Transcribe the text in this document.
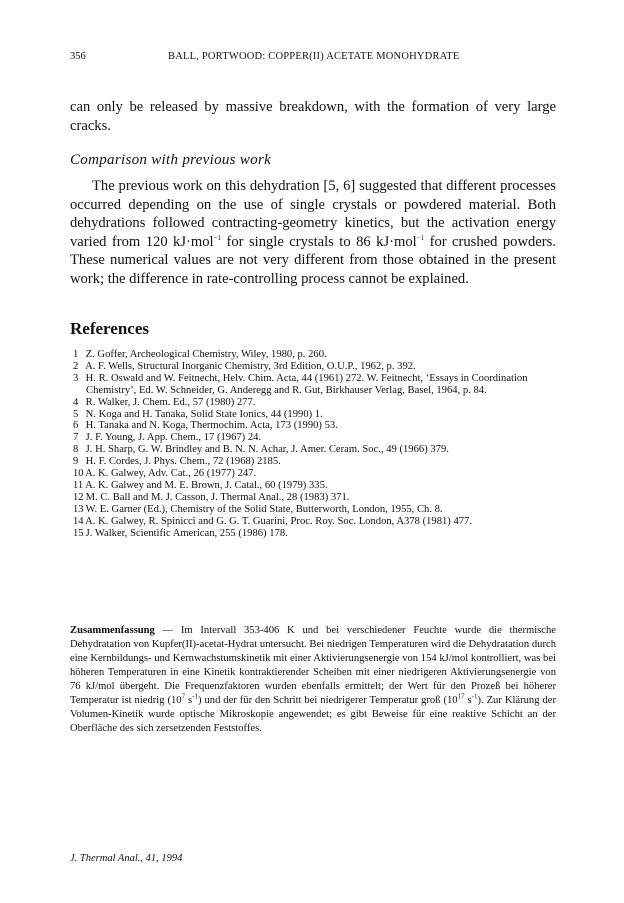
356	BALL, PORTWOOD: COPPER(II) ACETATE MONOHYDRATE

can only be released by massive breakdown, with the formation of very large cracks.

Comparison with previous work

The previous work on this dehydration [5, 6] suggested that different processes occurred depending on the use of single crystals or powdered material. Both dehydrations followed contracting-geometry kinetics, but the activation energy varied from 120 kJ·mol$^{-1}$ for single crystals to 86 kJ·mol$^{-1}$ for crushed powders. These numerical values are not very different from those obtained in the present work; the difference in rate-controlling process cannot be explained.

References
1 Z. Goffer, Archeological Chemistry, Wiley, 1980, p. 260.
2 A. F. Wells, Structural Inorganic Chemistry, 3rd Edition, O.U.P., 1962, p. 392.
3 H. R. Oswald and W. Feitnecht, Helv. Chim. Acta, 44 (1961) 272. W. Feitnecht, ‘Essays in Coordination Chemistry’, Ed. W. Schneider, G. Anderegg and R. Gut, Birkhauser Verlag, Basel, 1964, p. 84.
4 R. Walker, J. Chem. Ed., 57 (1980) 277.
5 N. Koga and H. Tanaka, Solid State Ionics, 44 (1990) 1.
6 H. Tanaka and N. Koga, Thermochim. Acta, 173 (1990) 53.
7 J. F. Young, J. App. Chem., 17 (1967) 24.
8 J. H. Sharp, G. W. Brindley and B. N. N. Achar, J. Amer. Ceram. Soc., 49 (1966) 379.
9 H. F. Cordes, J. Phys. Chem., 72 (1968) 2185.
10 A. K. Galwey, Adv. Cat., 26 (1977) 247.
11 A. K. Galwey and M. E. Brown, J. Catal., 60 (1979) 335.
12 M. C. Ball and M. J. Casson, J. Thermal Anal., 28 (1983) 371.
13 W. E. Garner (Ed.), Chemistry of the Solid State, Butterworth, London, 1955, Ch. 8.
14 A. K. Galwey, R. Spinicci and G. G. T. Guarini, Proc. Roy. Soc. London, A378 (1981) 477.
15 J. Walker, Scientific American, 255 (1986) 178.

Zusammenfassung — Im Intervall 353-406 K und bei verschiedener Feuchte wurde die thermische Dehydratation von Kupfer(II)-acetat-Hydrat untersucht. Bei niedrigen Temperaturen wird die Dehydratation durch eine Kernbildungs- und Kernwachstumskinetik mit einer Aktivierungsenergie von 154 kJ/mol kontrolliert, was bei höheren Temperaturen in eine Kinetik kontraktierender Scheiben mit einer niedrigeren Aktivierungsenergie von 76 kJ/mol übergeht. Die Frequenzfaktoren wurden ebenfalls ermittelt; der Wert für den Prozeß bei höherer Temperatur ist niedrig ($10^7$ $s^{-1}$) und der für den Schritt bei niedrigerer Temperatur groß ($10^{17}$ $s^{-1}$). Zur Klärung der Volumen-Kinetik wurde optische Mikroskopie angewendet; es gibt Beweise für eine reaktive Schicht an der Oberfläche des sich zersetzenden Feststoffes.

J. Thermal Anal., 41, 1994
